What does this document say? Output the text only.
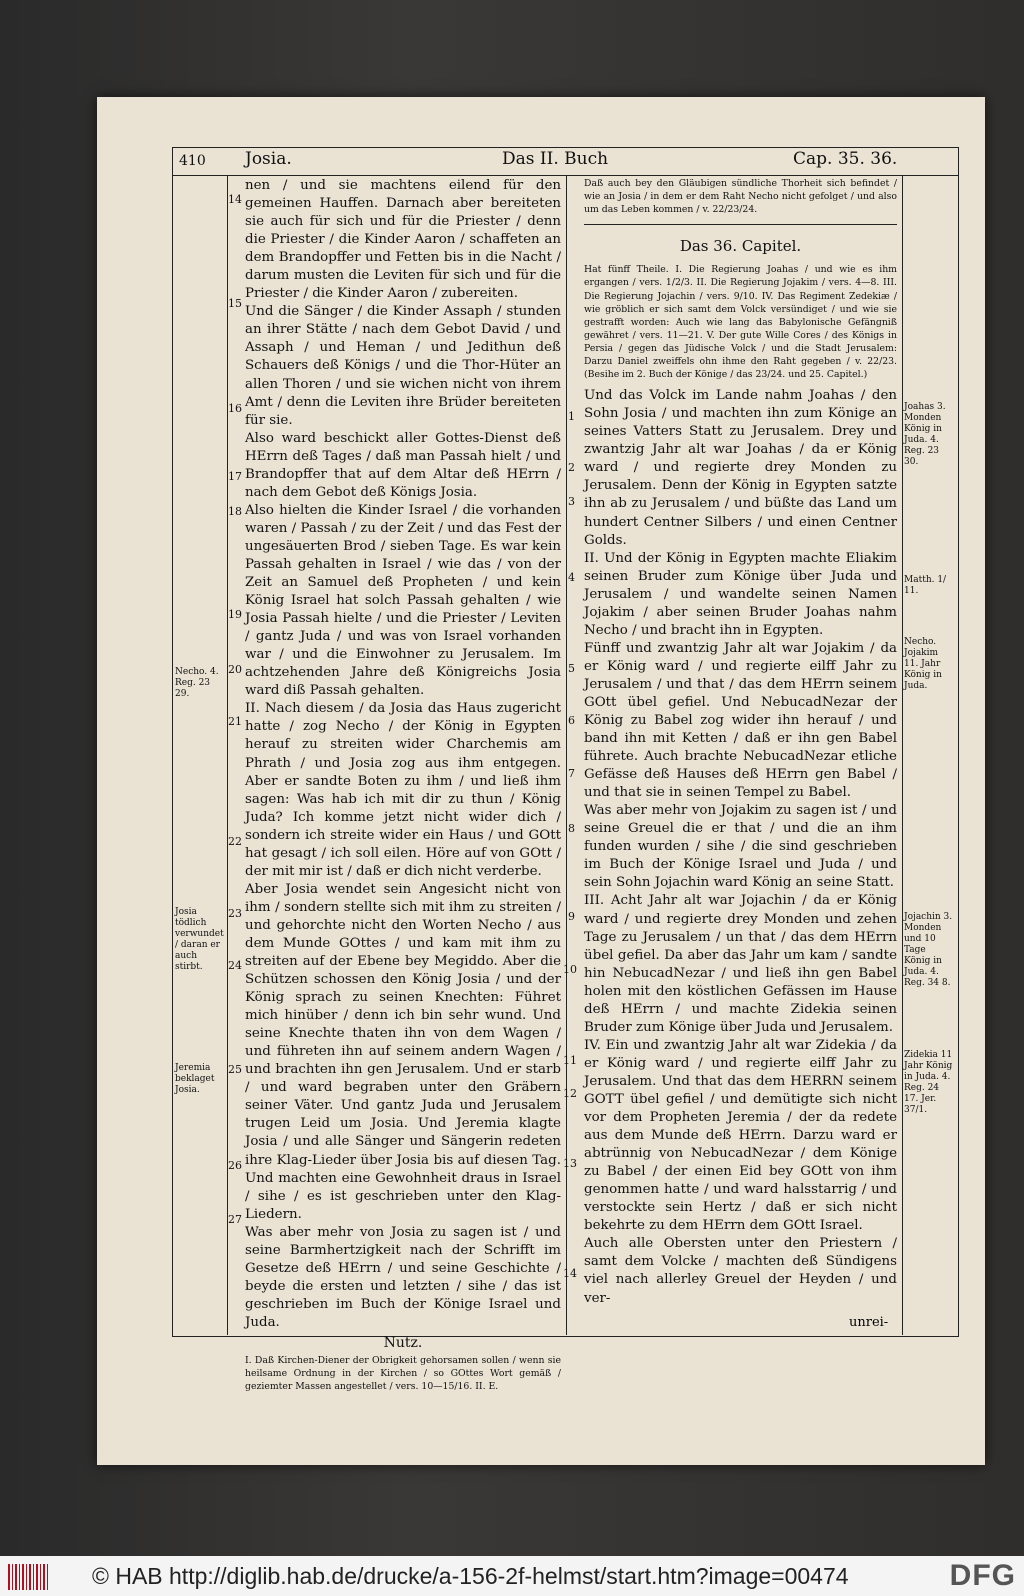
410 Josia.	Das II. Buch	Cap. 35. 36.
14
15
16
17
18
19
20
21
22
23
24
25
26
27
Necho. 4. Reg. 23 29.
Josia tödlich verwundet / daran er auch stirbt.
Jeremia beklaget Josia.

nen / und sie machtens eilend für den gemeinen Hauffen. Darnach aber bereiteten sie auch für sich und für die Priester / denn die Priester / die Kinder Aaron / schaffeten an dem Brandopffer und Fetten bis in die Nacht / darum musten die Leviten für sich und für die Priester / die Kinder Aaron / zubereiten.

Und die Sänger / die Kinder Assaph / stunden an ihrer Stätte / nach dem Gebot David / und Assaph / und Heman / und Jedithun deß Schauers deß Königs / und die Thor-Hüter an allen Thoren / und sie wichen nicht von ihrem Amt / denn die Leviten ihre Brüder bereiteten für sie.

Also ward beschickt aller Gottes-Dienst deß HErrn deß Tages / daß man Passah hielt / und Brandopffer that auf dem Altar deß HErrn / nach dem Gebot deß Königs Josia.

Also hielten die Kinder Israel / die vorhanden waren / Passah / zu der Zeit / und das Fest der ungesäuerten Brod / sieben Tage. Es war kein Passah gehalten in Israel / wie das / von der Zeit an Samuel deß Propheten / und kein König Israel hat solch Passah gehalten / wie Josia Passah hielte / und die Priester / Leviten / gantz Juda / und was von Israel vorhanden war / und die Einwohner zu Jerusalem. Im achtzehenden Jahre deß Königreichs Josia ward diß Passah gehalten.

II. Nach diesem / da Josia das Haus zugericht hatte / zog Necho / der König in Egypten herauf zu streiten wider Charchemis am Phrath / und Josia zog aus ihm entgegen. Aber er sandte Boten zu ihm / und ließ ihm sagen: Was hab ich mit dir zu thun / König Juda? Ich komme jetzt nicht wider dich / sondern ich streite wider ein Haus / und GOtt hat gesagt / ich soll eilen. Höre auf von GOtt / der mit mir ist / daß er dich nicht verderbe.

Aber Josia wendet sein Angesicht nicht von ihm / sondern stellte sich mit ihm zu streiten / und gehorchte nicht den Worten Necho / aus dem Munde GOttes / und kam mit ihm zu streiten auf der Ebene bey Megiddo. Aber die Schützen schossen den König Josia / und der König sprach zu seinen Knechten: Führet mich hinüber / denn ich bin sehr wund. Und seine Knechte thaten ihn von dem Wagen / und führeten ihn auf seinem andern Wagen / und brachten ihn gen Jerusalem. Und er starb / und ward begraben unter den Gräbern seiner Väter. Und gantz Juda und Jerusalem trugen Leid um Josia. Und Jeremia klagte Josia / und alle Sänger und Sängerin redeten ihre Klag-Lieder über Josia bis auf diesen Tag. Und machten eine Gewohnheit draus in Israel / sihe / es ist geschrieben unter den Klag-Liedern.

Was aber mehr von Josia zu sagen ist / und seine Barmhertzigkeit nach der Schrifft im Gesetze deß HErrn / und seine Geschichte / beyde die ersten und letzten / sihe / das ist geschrieben im Buch der Könige Israel und Juda.

Nutz.
I. Daß Kirchen-Diener der Obrigkeit gehorsamen sollen / wenn sie heilsame Ordnung in der Kirchen / so GOttes Wort gemäß / geziemter Massen angestellet / vers. 10—15/16. II. E.
1
2
3
4
5
6
7
8
9
10
11
12
13
14
Daß auch bey den Gläubigen sündliche Thorheit sich befindet / wie an Josia / in dem er dem Raht Necho nicht gefolget / und also um das Leben kommen / v. 22/23/24.
Das 36. Capitel.
Hat fünff Theile. I. Die Regierung Joahas / und wie es ihm ergangen / vers. 1/2/3. II. Die Regierung Jojakim / vers. 4—8. III. Die Regierung Jojachin / vers. 9/10. IV. Das Regiment Zedekiæ / wie gröblich er sich samt dem Volck versündiget / und wie sie gestrafft worden: Auch wie lang das Babylonische Gefängniß gewähret / vers. 11—21. V. Der gute Wille Cores / des Königs in Persia / gegen das Jüdische Volck / und die Stadt Jerusalem: Darzu Daniel zweiffels ohn ihme den Raht gegeben / v. 22/23. (Besihe im 2. Buch der Könige / das 23/24. und 25. Capitel.)

Und das Volck im Lande nahm Joahas / den Sohn Josia / und machten ihn zum Könige an seines Vatters Statt zu Jerusalem. Drey und zwantzig Jahr alt war Joahas / da er König ward / und regierte drey Monden zu Jerusalem. Denn der König in Egypten satzte ihn ab zu Jerusalem / und büßte das Land um hundert Centner Silbers / und einen Centner Golds.

II. Und der König in Egypten machte Eliakim seinen Bruder zum Könige über Juda und Jerusalem / und wandelte seinen Namen Jojakim / aber seinen Bruder Joahas nahm Necho / und bracht ihn in Egypten.

Fünff und zwantzig Jahr alt war Jojakim / da er König ward / und regierte eilff Jahr zu Jerusalem / und that / das dem HErrn seinem GOtt übel gefiel. Und NebucadNezar der König zu Babel zog wider ihn herauf / und band ihn mit Ketten / daß er ihn gen Babel führete. Auch brachte NebucadNezar etliche Gefässe deß Hauses deß HErrn gen Babel / und that sie in seinen Tempel zu Babel.

Was aber mehr von Jojakim zu sagen ist / und seine Greuel die er that / und die an ihm funden wurden / sihe / die sind geschrieben im Buch der Könige Israel und Juda / und sein Sohn Jojachin ward König an seine Statt.

III. Acht Jahr alt war Jojachin / da er König ward / und regierte drey Monden und zehen Tage zu Jerusalem / un that / das dem HErrn übel gefiel. Da aber das Jahr um kam / sandte hin NebucadNezar / und ließ ihn gen Babel holen mit den köstlichen Gefässen im Hause deß HErrn / und machte Zidekia seinen Bruder zum Könige über Juda und Jerusalem.

IV. Ein und zwantzig Jahr alt war Zidekia / da er König ward / und regierte eilff Jahr zu Jerusalem. Und that das dem HERRN seinem GOTT übel gefiel / und demütigte sich nicht vor dem Propheten Jeremia / der da redete aus dem Munde deß HErrn. Darzu ward er abtrünnig von NebucadNezar / dem Könige zu Babel / der einen Eid bey GOtt von ihm genommen hatte / und ward halsstarrig / und verstockte sein Hertz / daß er sich nicht bekehrte zu dem HErrn dem GOtt Israel.

Auch alle Obersten unter den Priestern / samt dem Volcke / machten deß Sündigens viel nach allerley Greuel der Heyden / und ver-

Joahas 3. Monden König in Juda. 4. Reg. 23 30.
Matth. 1/ 11.
Necho. Jojakim 11. Jahr König in Juda.
Jojachin 3. Monden und 10 Tage König in Juda. 4. Reg. 34 8.
Zidekia 11 Jahr König in Juda. 4. Reg. 24 17. Jer. 37/1.
unrei-
© HAB http://diglib.hab.de/drucke/a-156-2f-helmst/start.htm?image=00474	DFG
